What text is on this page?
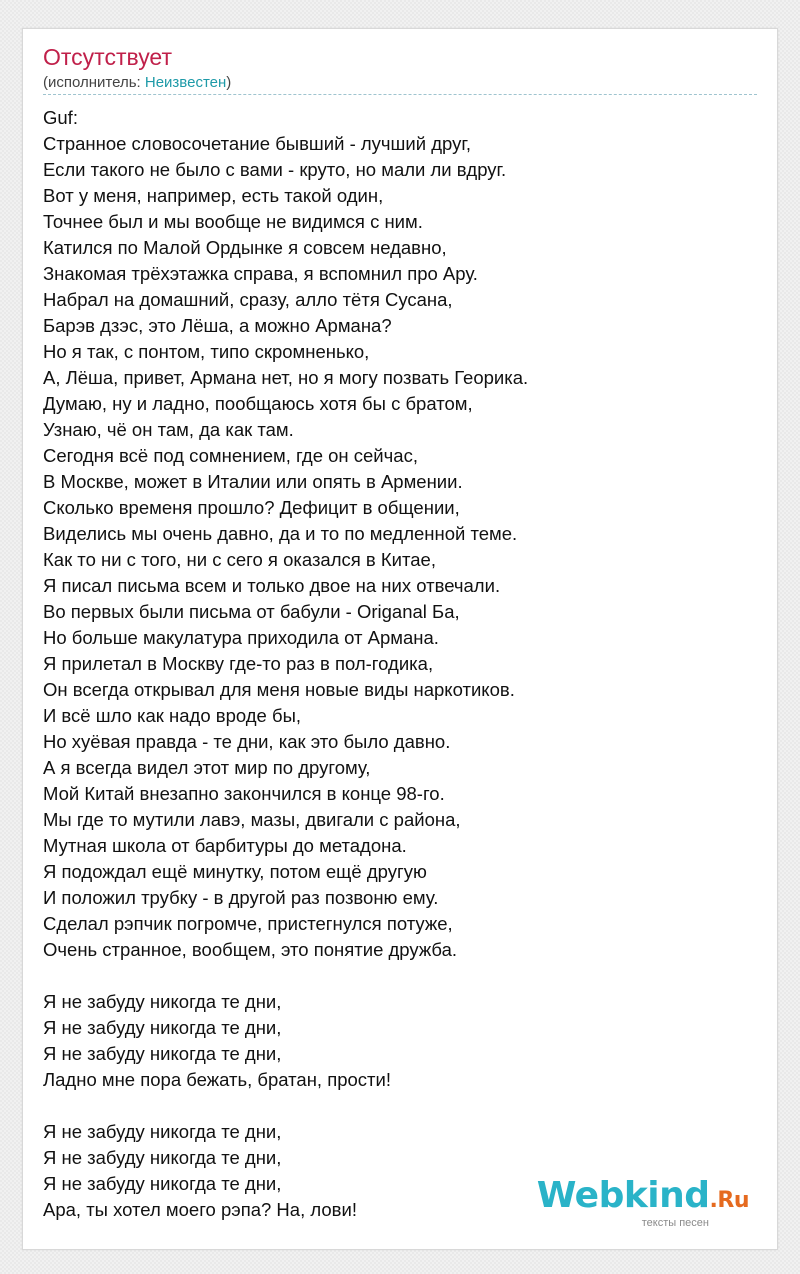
Отсутствует
(исполнитель: Неизвестен)
Guf:
Странное словосочетание бывший - лучший друг,
Если такого не было с вами - круто, но мали ли вдруг.
Вот у меня, например, есть такой один,
Точнее был и мы вообще не видимся с ним.
Катился по Малой Ордынке я совсем недавно,
Знакомая трёхэтажка справа, я вспомнил про Ару.
Набрал на домашний, сразу, алло тётя Сусана,
Барэв дзэс, это Лёша, а можно Армана?
Но я так, с понтом, типо скромненько,
А, Лёша, привет, Армана нет, но я могу позвать Георика.
Думаю, ну и ладно, пообщаюсь хотя бы с братом,
Узнаю, чё он там, да как там.
Сегодня всё под сомнением, где он сейчас,
В Москве, может в Италии или опять в Армении.
Сколько временя прошло? Дефицит в общении,
Виделись мы очень давно, да и то по медленной теме.
Как то ни с того, ни с сего я оказался в Китае,
Я писал письма всем и только двое на них отвечали.
Во первых были письма от бабули - Origanal Ба,
Но больше макулатура приходила от Армана.
Я прилетал в Москву где-то раз в пол-годика,
Он всегда открывал для меня новые виды наркотиков.
И всё шло как надо вроде бы,
Но хуёвая правда - те дни, как это было давно.
А я всегда видел этот мир по другому,
Мой Китай внезапно закончился в конце 98-го.
Мы где то мутили лавэ, мазы, двигали с района,
Мутная школа от барбитуры до метадона.
Я подождал ещё минутку, потом ещё другую
И положил трубку - в другой раз позвоню ему.
Сделал рэпчик погромче, пристегнулся потуже,
Очень странное, вообщем, это понятие дружба.
Я не забуду никогда те дни,
Я не забуду никогда те дни,
Я не забуду никогда те дни,
Ладно мне пора бежать, братан, прости!
Я не забуду никогда те дни,
Я не забуду никогда те дни,
Я не забуду никогда те дни,
Ара, ты хотел моего рэпа? На, лови!	Webkind.Ru
тексты песен
